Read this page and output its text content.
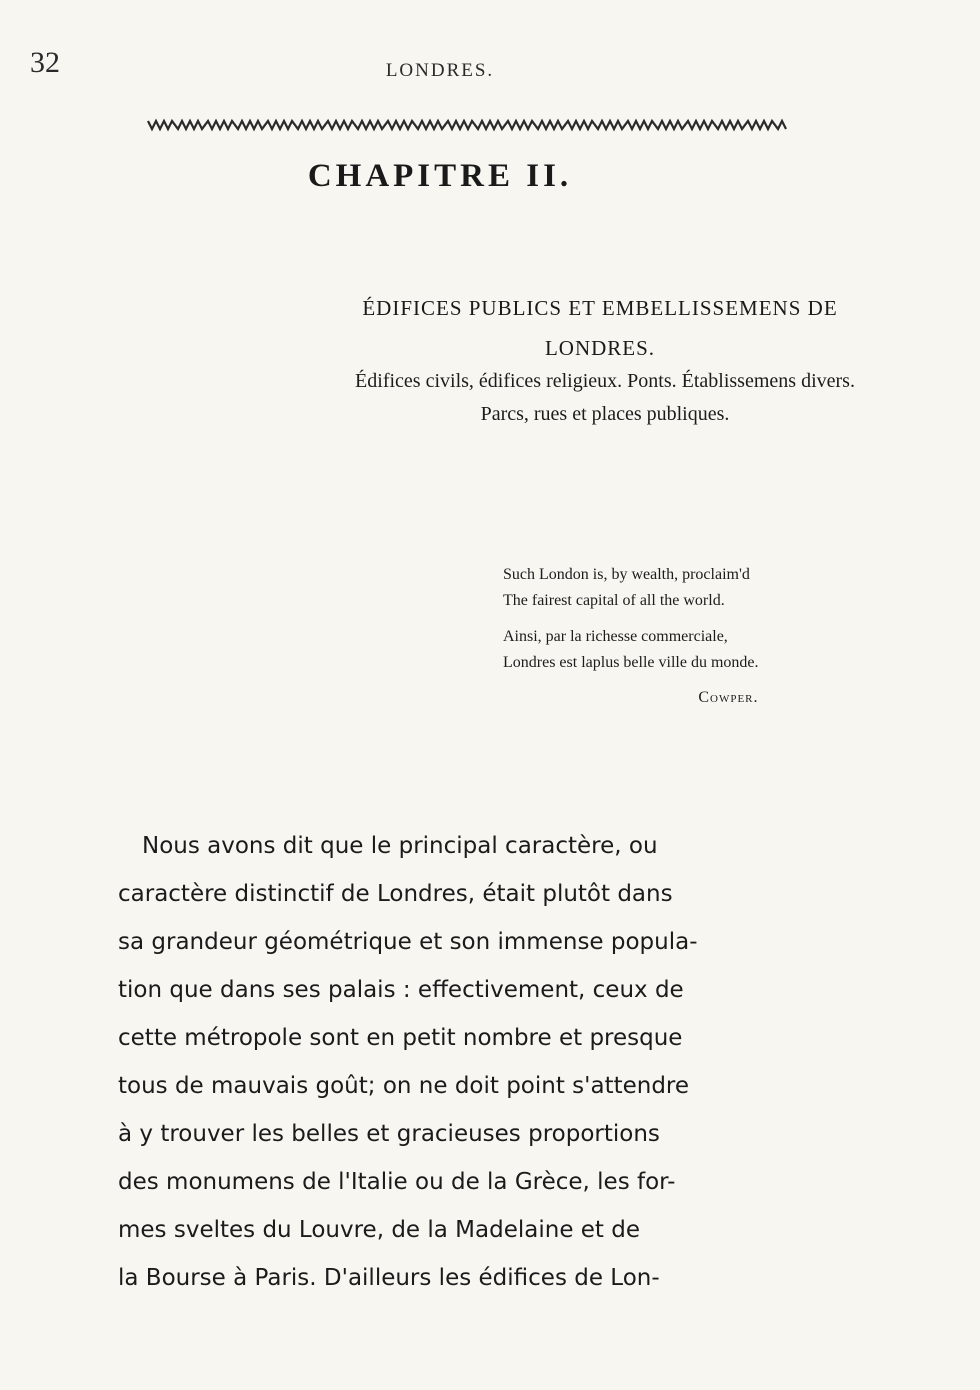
32	LONDRES.
CHAPITRE II.
ÉDIFICES PUBLICS ET EMBELLISSEMENS DE
LONDRES.
Édifices civils, édifices religieux. Ponts. Établissemens divers.
Parcs, rues et places publiques.
Such London is, by wealth, proclaim'd
The fairest capital of all the world.
Ainsi, par la richesse commerciale,
Londres est laplus belle ville du monde.
Cowper.
Nous avons dit que le principal caractère, ou
caractère distinctif de Londres, était plutôt dans
sa grandeur géométrique et son immense popula-
tion que dans ses palais : effectivement, ceux de
cette métropole sont en petit nombre et presque
tous de mauvais goût; on ne doit point s'attendre
à y trouver les belles et gracieuses proportions
des monumens de l'Italie ou de la Grèce, les for-
mes sveltes du Louvre, de la Madelaine et de
la Bourse à Paris. D'ailleurs les édifices de Lon-
